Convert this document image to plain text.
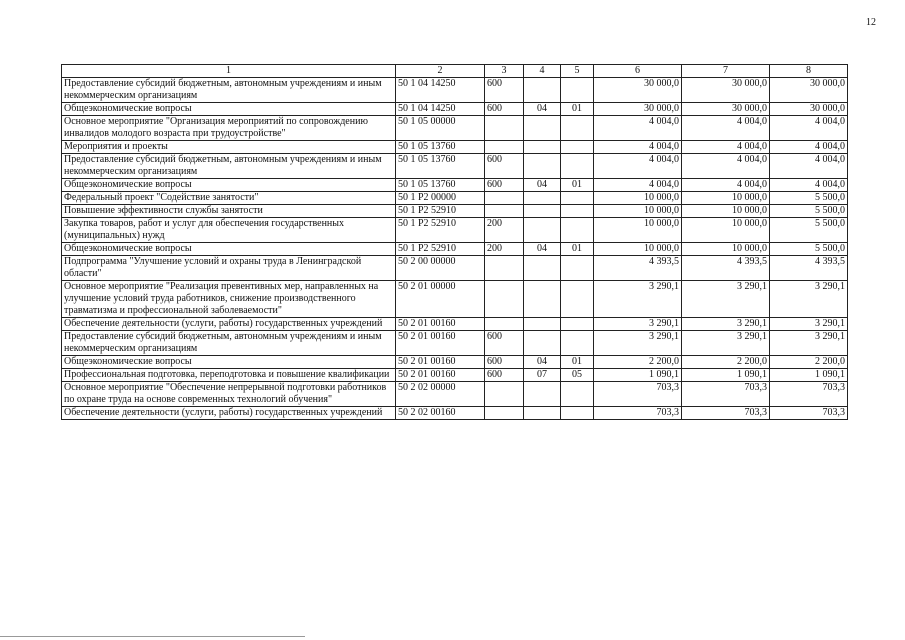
12
1	2	3	4	5	6	7	8
Предоставление субсидий бюджетным, автономным учреждениям и иным некоммерческим организациям	50 1 04 14250	600			30 000,0	30 000,0	30 000,0
Общеэкономические вопросы	50 1 04 14250	600	04	01	30 000,0	30 000,0	30 000,0
Основное мероприятие "Организация мероприятий по сопровождению инвалидов молодого возраста при трудоустройстве"	50 1 05 00000				4 004,0	4 004,0	4 004,0
Мероприятия и проекты	50 1 05 13760				4 004,0	4 004,0	4 004,0
Предоставление субсидий бюджетным, автономным учреждениям и иным некоммерческим организациям	50 1 05 13760	600			4 004,0	4 004,0	4 004,0
Общеэкономические вопросы	50 1 05 13760	600	04	01	4 004,0	4 004,0	4 004,0
Федеральный проект "Содействие занятости"	50 1 P2 00000				10 000,0	10 000,0	5 500,0
Повышение эффективности службы занятости	50 1 P2 52910				10 000,0	10 000,0	5 500,0
Закупка товаров, работ и услуг для обеспечения государственных (муниципальных) нужд	50 1 P2 52910	200			10 000,0	10 000,0	5 500,0
Общеэкономические вопросы	50 1 P2 52910	200	04	01	10 000,0	10 000,0	5 500,0
Подпрограмма "Улучшение условий и охраны труда в Ленинградской области"	50 2 00 00000				4 393,5	4 393,5	4 393,5
Основное мероприятие "Реализация превентивных мер, направленных на улучшение условий труда работников, снижение производственного травматизма и профессиональной заболеваемости"	50 2 01 00000				3 290,1	3 290,1	3 290,1
Обеспечение деятельности (услуги, работы) государственных учреждений	50 2 01 00160				3 290,1	3 290,1	3 290,1
Предоставление субсидий бюджетным, автономным учреждениям и иным некоммерческим организациям	50 2 01 00160	600			3 290,1	3 290,1	3 290,1
Общеэкономические вопросы	50 2 01 00160	600	04	01	2 200,0	2 200,0	2 200,0
Профессиональная подготовка, переподготовка и повышение квалификации	50 2 01 00160	600	07	05	1 090,1	1 090,1	1 090,1
Основное мероприятие "Обеспечение непрерывной подготовки работников по охране труда на основе современных технологий обучения"	50 2 02 00000				703,3	703,3	703,3
Обеспечение деятельности (услуги, работы) государственных учреждений	50 2 02 00160				703,3	703,3	703,3
